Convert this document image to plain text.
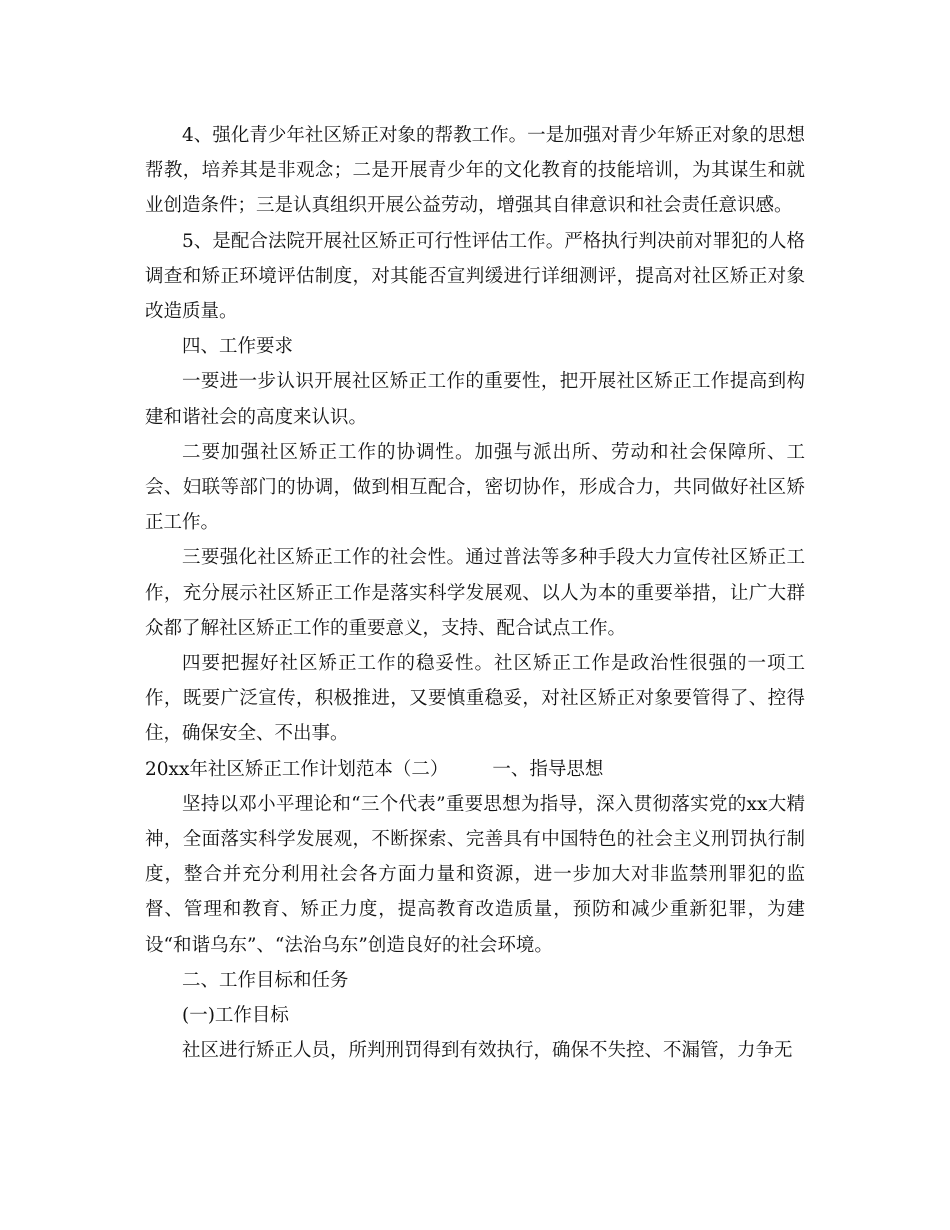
4、强化青少年社区矫正对象的帮教工作。一是加强对青少年矫正对象的思想帮教，培养其是非观念；二是开展青少年的文化教育的技能培训，为其谋生和就业创造条件；三是认真组织开展公益劳动，增强其自律意识和社会责任意识感。

5、是配合法院开展社区矫正可行性评估工作。严格执行判决前对罪犯的人格调查和矫正环境评估制度，对其能否宣判缓进行详细测评，提高对社区矫正对象改造质量。

四、工作要求

一要进一步认识开展社区矫正工作的重要性，把开展社区矫正工作提高到构建和谐社会的高度来认识。

二要加强社区矫正工作的协调性。加强与派出所、劳动和社会保障所、工会、妇联等部门的协调，做到相互配合，密切协作，形成合力，共同做好社区矫正工作。

三要强化社区矫正工作的社会性。通过普法等多种手段大力宣传社区矫正工作，充分展示社区矫正工作是落实科学发展观、以人为本的重要举措，让广大群众都了解社区矫正工作的重要意义，支持、配合试点工作。

四要把握好社区矫正工作的稳妥性。社区矫正工作是政治性很强的一项工作，既要广泛宣传，积极推进，又要慎重稳妥，对社区矫正对象要管得了、控得住，确保安全、不出事。

20xx年社区矫正工作计划范本（二） 一、指导思想

坚持以邓小平理论和“三个代表”重要思想为指导，深入贯彻落实党的xx大精神，全面落实科学发展观，不断探索、完善具有中国特色的社会主义刑罚执行制度，整合并充分利用社会各方面力量和资源，进一步加大对非监禁刑罪犯的监督、管理和教育、矫正力度，提高教育改造质量，预防和减少重新犯罪，为建设“和谐乌东”、“法治乌东”创造良好的社会环境。

二、工作目标和任务

(一)工作目标

社区进行矫正人员，所判刑罚得到有效执行，确保不失控、不漏管，力争无
